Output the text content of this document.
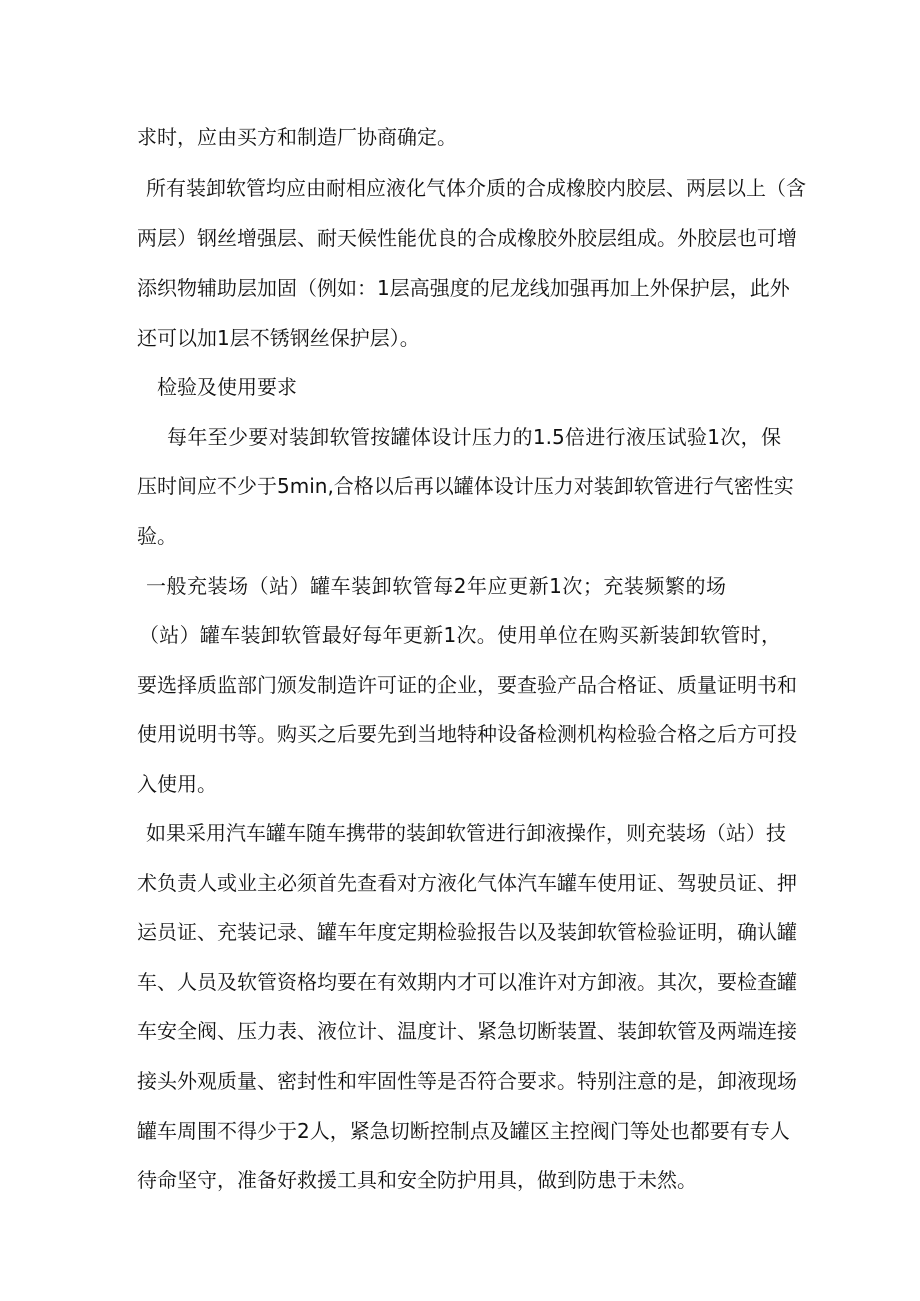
求时，应由买方和制造厂协商确定。

所有装卸软管均应由耐相应液化气体介质的合成橡胶内胶层、两层以上（含

两层）钢丝增强层、耐天候性能优良的合成橡胶外胶层组成。外胶层也可增

添织物辅助层加固（例如：1层高强度的尼龙线加强再加上外保护层，此外

还可以加1层不锈钢丝保护层）。

检验及使用要求

每年至少要对装卸软管按罐体设计压力的1.5倍进行液压试验1次，保

压时间应不少于5min,合格以后再以罐体设计压力对装卸软管进行气密性实

验。

一般充装场（站）罐车装卸软管每2年应更新1次；充装频繁的场

（站）罐车装卸软管最好每年更新1次。使用单位在购买新装卸软管时，

要选择质监部门颁发制造许可证的企业，要查验产品合格证、质量证明书和

使用说明书等。购买之后要先到当地特种设备检测机构检验合格之后方可投

入使用。

如果采用汽车罐车随车携带的装卸软管进行卸液操作，则充装场（站）技

术负责人或业主必须首先查看对方液化气体汽车罐车使用证、驾驶员证、押

运员证、充装记录、罐车年度定期检验报告以及装卸软管检验证明，确认罐

车、人员及软管资格均要在有效期内才可以准许对方卸液。其次，要检查罐

车安全阀、压力表、液位计、温度计、紧急切断装置、装卸软管及两端连接

接头外观质量、密封性和牢固性等是否符合要求。特别注意的是，卸液现场

罐车周围不得少于2人，紧急切断控制点及罐区主控阀门等处也都要有专人

待命坚守，准备好救援工具和安全防护用具，做到防患于未然。
